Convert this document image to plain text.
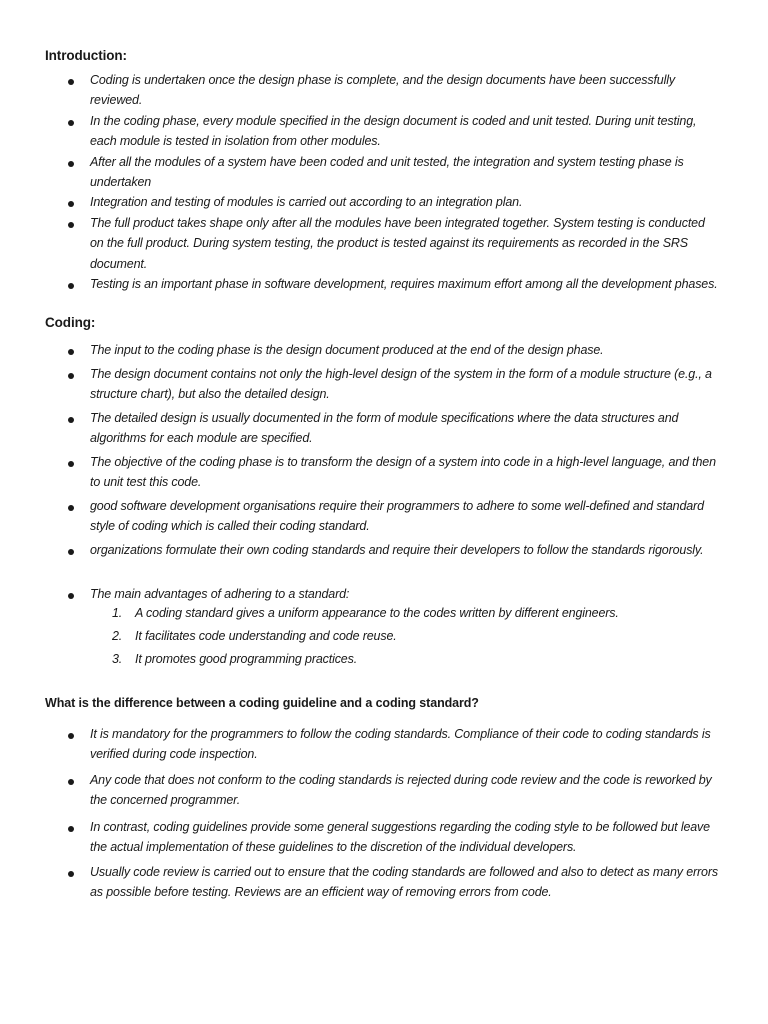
Introduction:
Coding is undertaken once the design phase is complete, and the design documents have been successfully reviewed.
In the coding phase, every module specified in the design document is coded and unit tested. During unit testing, each module is tested in isolation from other modules.
After all the modules of a system have been coded and unit tested, the integration and system testing phase is undertaken
Integration and testing of modules is carried out according to an integration plan.
The full product takes shape only after all the modules have been integrated together. System testing is conducted on the full product. During system testing, the product is tested against its requirements as recorded in the SRS document.
Testing is an important phase in software development, requires maximum effort among all the development phases.
Coding:
The input to the coding phase is the design document produced at the end of the design phase.
The design document contains not only the high-level design of the system in the form of a module structure (e.g., a structure chart), but also the detailed design.
The detailed design is usually documented in the form of module specifications where the data structures and algorithms for each module are specified.
The objective of the coding phase is to transform the design of a system into code in a high-level language, and then to unit test this code.
good software development organisations require their programmers to adhere to some well-defined and standard style of coding which is called their coding standard.
organizations formulate their own coding standards and require their developers to follow the standards rigorously.
The main advantages of adhering to a standard:
1. A coding standard gives a uniform appearance to the codes written by different engineers.
2. It facilitates code understanding and code reuse.
3. It promotes good programming practices.
What is the difference between a coding guideline and a coding standard?
It is mandatory for the programmers to follow the coding standards. Compliance of their code to coding standards is verified during code inspection.
Any code that does not conform to the coding standards is rejected during code review and the code is reworked by the concerned programmer.
In contrast, coding guidelines provide some general suggestions regarding the coding style to be followed but leave the actual implementation of these guidelines to the discretion of the individual developers.
Usually code review is carried out to ensure that the coding standards are followed and also to detect as many errors as possible before testing. Reviews are an efficient way of removing errors from code.
